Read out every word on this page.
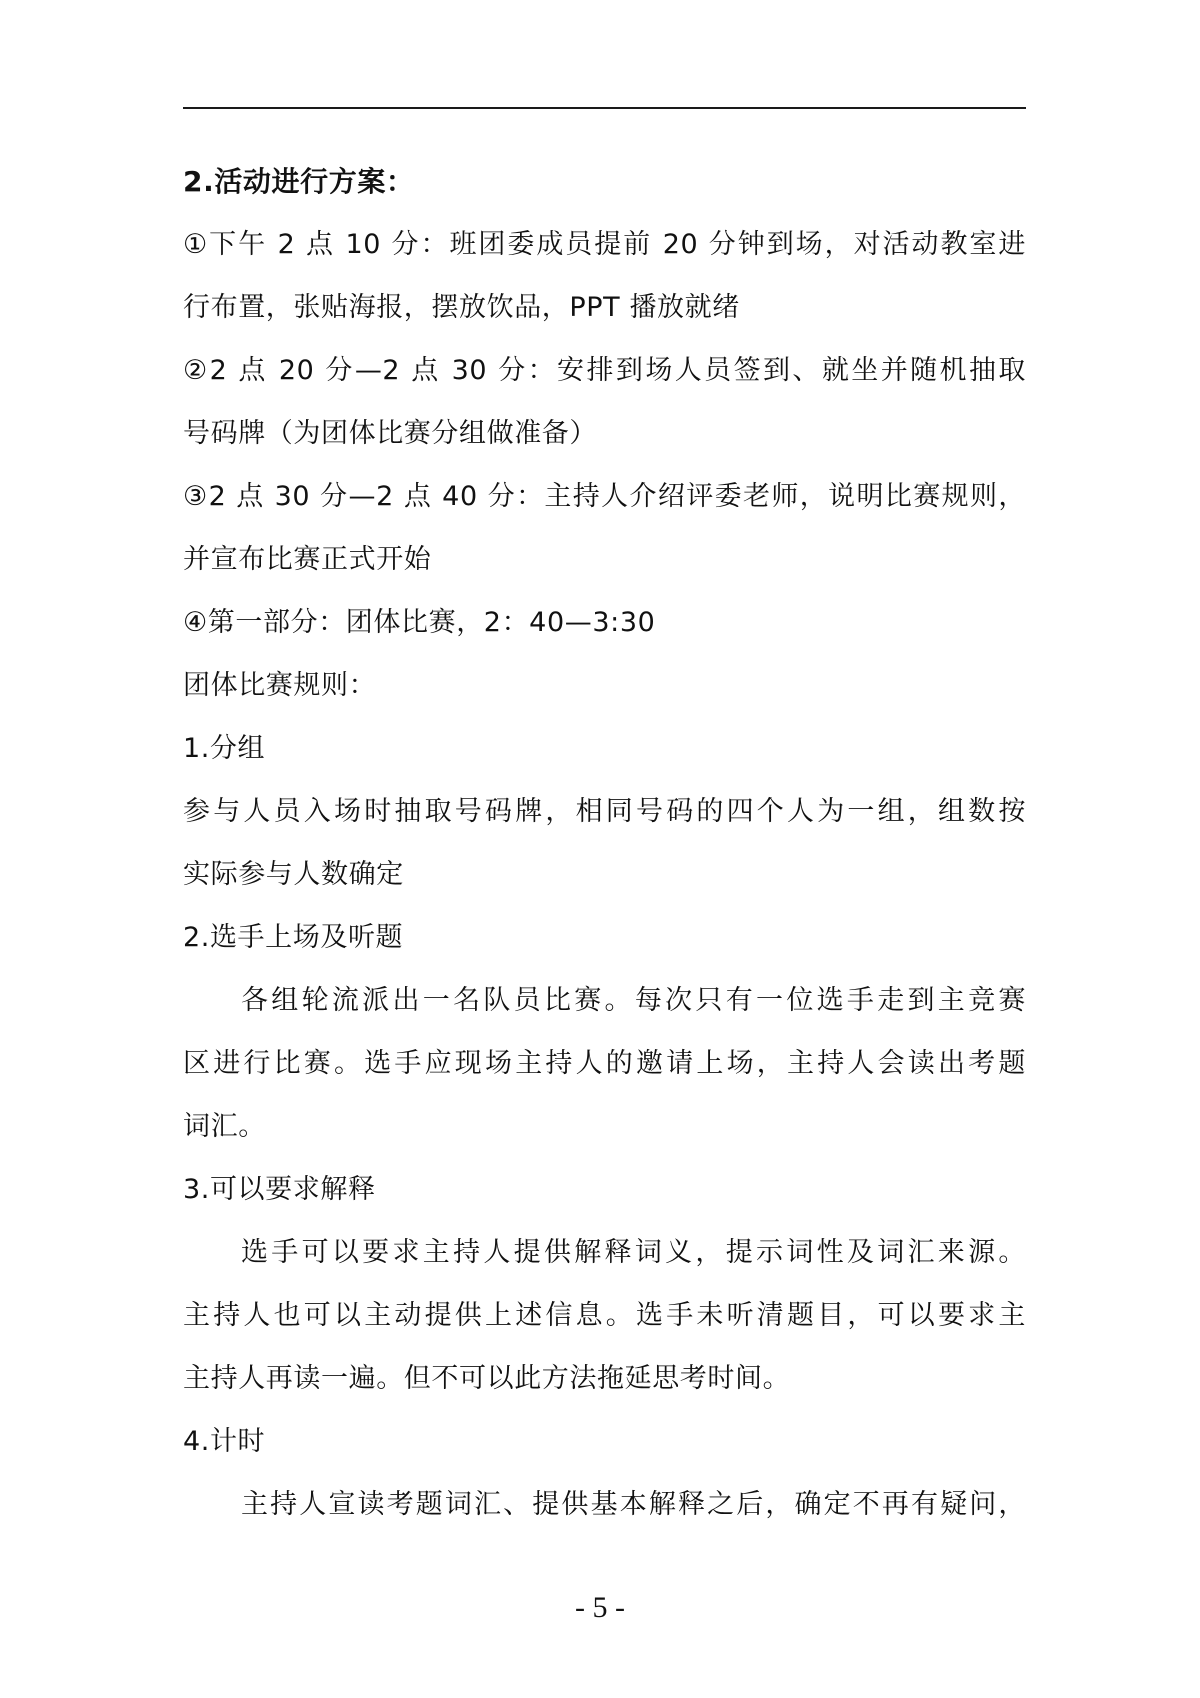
2.活动进行方案：
①下午 2 点 10 分：班团委成员提前 20 分钟到场，对活动教室进
行布置，张贴海报，摆放饮品，PPT 播放就绪
②2 点 20 分—2 点 30 分：安排到场人员签到、就坐并随机抽取
号码牌（为团体比赛分组做准备）
③2 点 30 分—2 点 40 分：主持人介绍评委老师，说明比赛规则，
并宣布比赛正式开始
④第一部分：团体比赛，2：40—3:30
团体比赛规则：
1.分组
参与人员入场时抽取号码牌，相同号码的四个人为一组，组数按
实际参与人数确定
2.选手上场及听题
各组轮流派出一名队员比赛。每次只有一位选手走到主竞赛
区进行比赛。选手应现场主持人的邀请上场，主持人会读出考题
词汇。
3.可以要求解释
选手可以要求主持人提供解释词义，提示词性及词汇来源。
主持人也可以主动提供上述信息。选手未听清题目，可以要求主
主持人再读一遍。但不可以此方法拖延思考时间。
4.计时
主持人宣读考题词汇、提供基本解释之后，确定不再有疑问，
- 5 -
